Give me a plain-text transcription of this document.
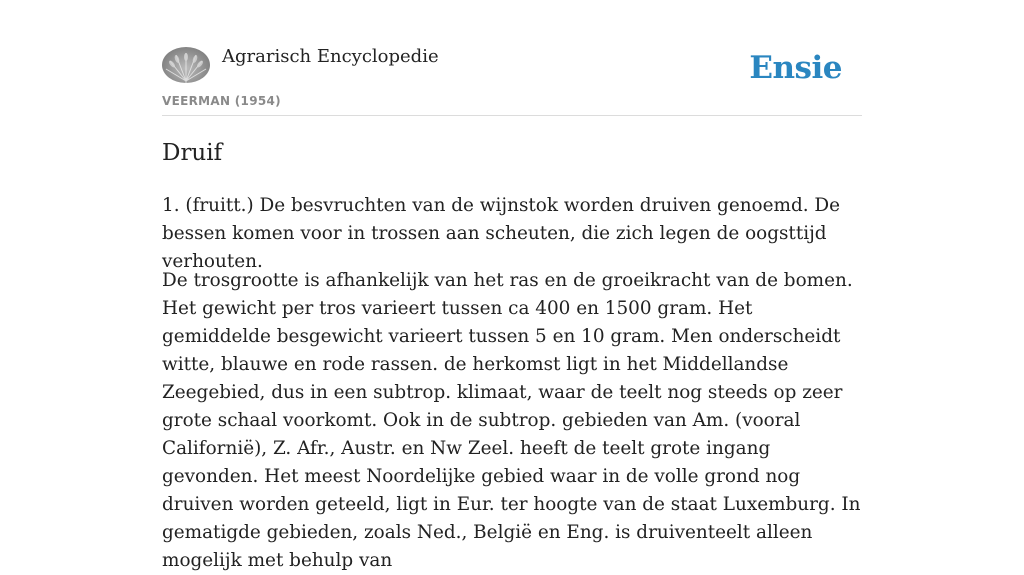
Agrarisch Encyclopedie
VEERMAN (1954)
Ensie
Druif

1. (fruitt.) De besvruchten van de wijnstok worden druiven genoemd. De bessen komen voor in trossen aan scheuten, die zich legen de oogsttijd verhouten.

De trosgrootte is afhankelijk van het ras en de groeikracht van de bomen. Het gewicht per tros varieert tussen ca 400 en 1500 gram. Het gemiddelde besgewicht varieert tussen 5 en 10 gram. Men onderscheidt witte, blauwe en rode rassen. de herkomst ligt in het Middellandse Zeegebied, dus in een subtrop. klimaat, waar de teelt nog steeds op zeer grote schaal voorkomt. Ook in de subtrop. gebieden van Am. (vooral Californië), Z. Afr., Austr. en Nw Zeel. heeft de teelt grote ingang gevonden. Het meest Noordelijke gebied waar in de volle grond nog druiven worden geteeld, ligt in Eur. ter hoogte van de staat Luxemburg. In gematigde gebieden, zoals Ned., België en Eng. is druiventeelt alleen mogelijk met behulp van
